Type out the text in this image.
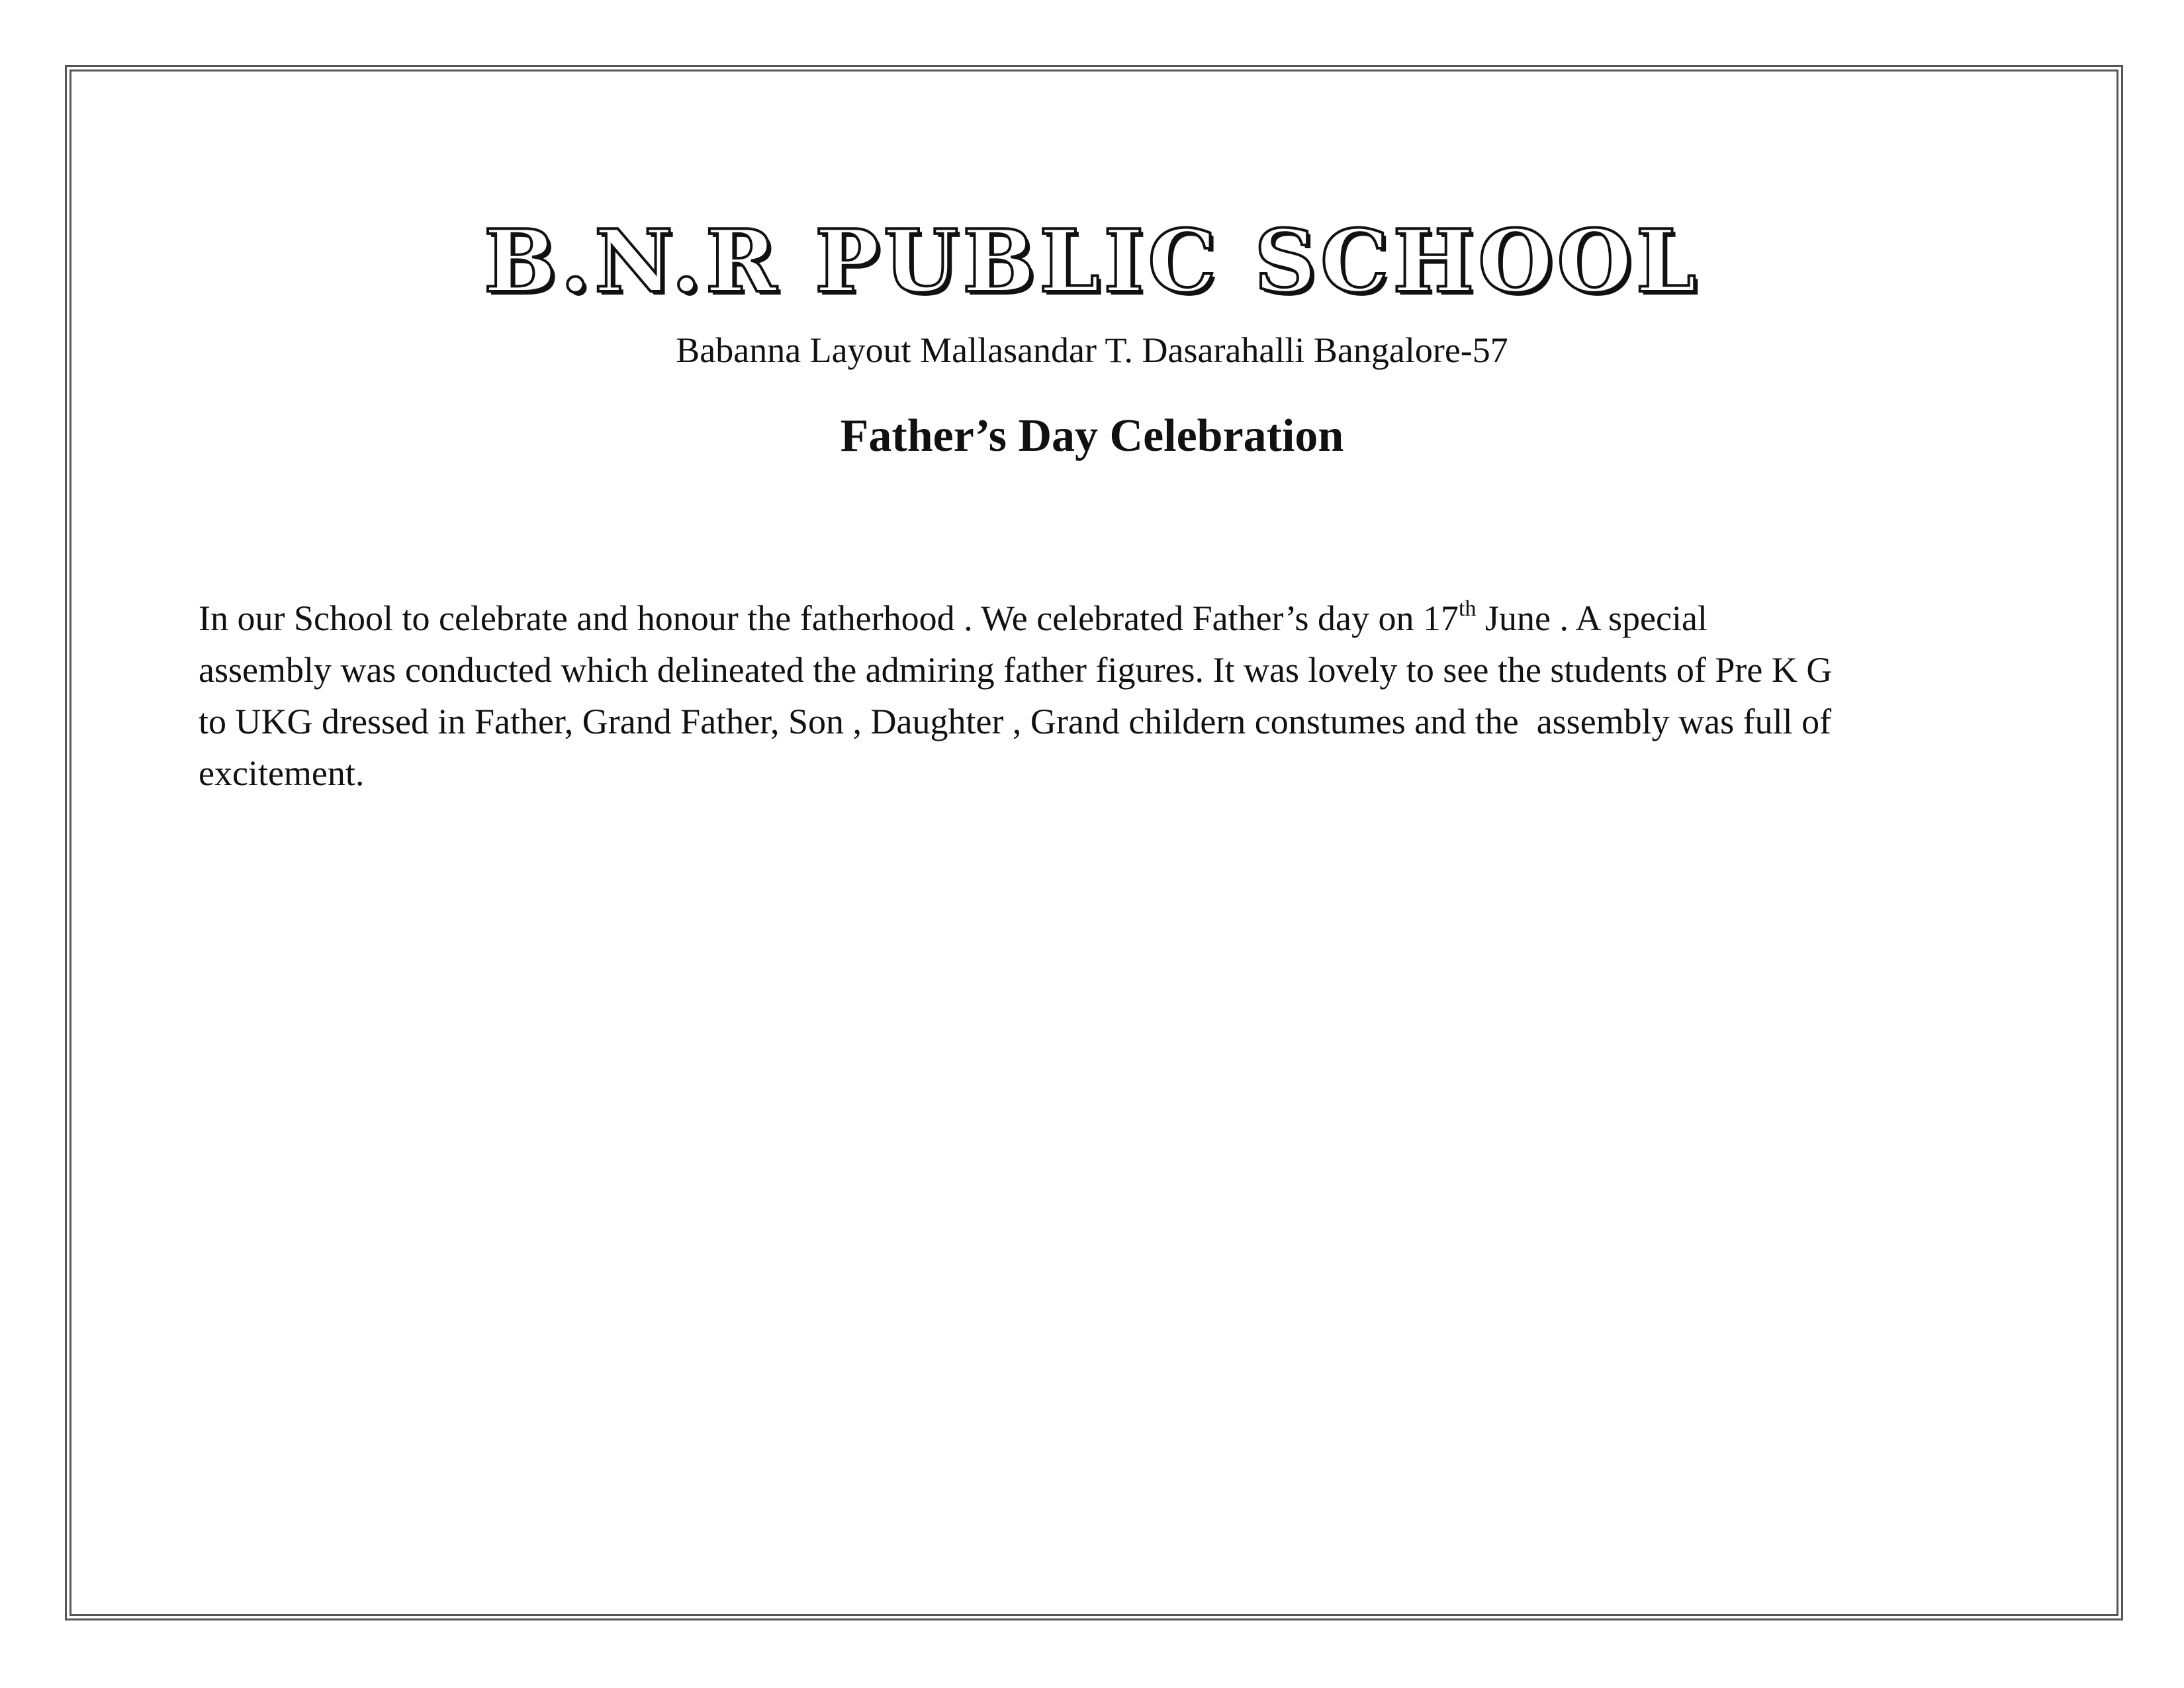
B.N.R PUBLIC SCHOOL
Babanna Layout Mallasandar T. Dasarahalli Bangalore-57
Father’s Day Celebration
In our School to celebrate and honour the fatherhood . We celebrated Father’s day on 17th June . A special
assembly was conducted which delineated the admiring father figures. It was lovely to see the students of Pre K G
to UKG dressed in Father, Grand Father, Son , Daughter , Grand childern constumes and the  assembly was full of
excitement.
